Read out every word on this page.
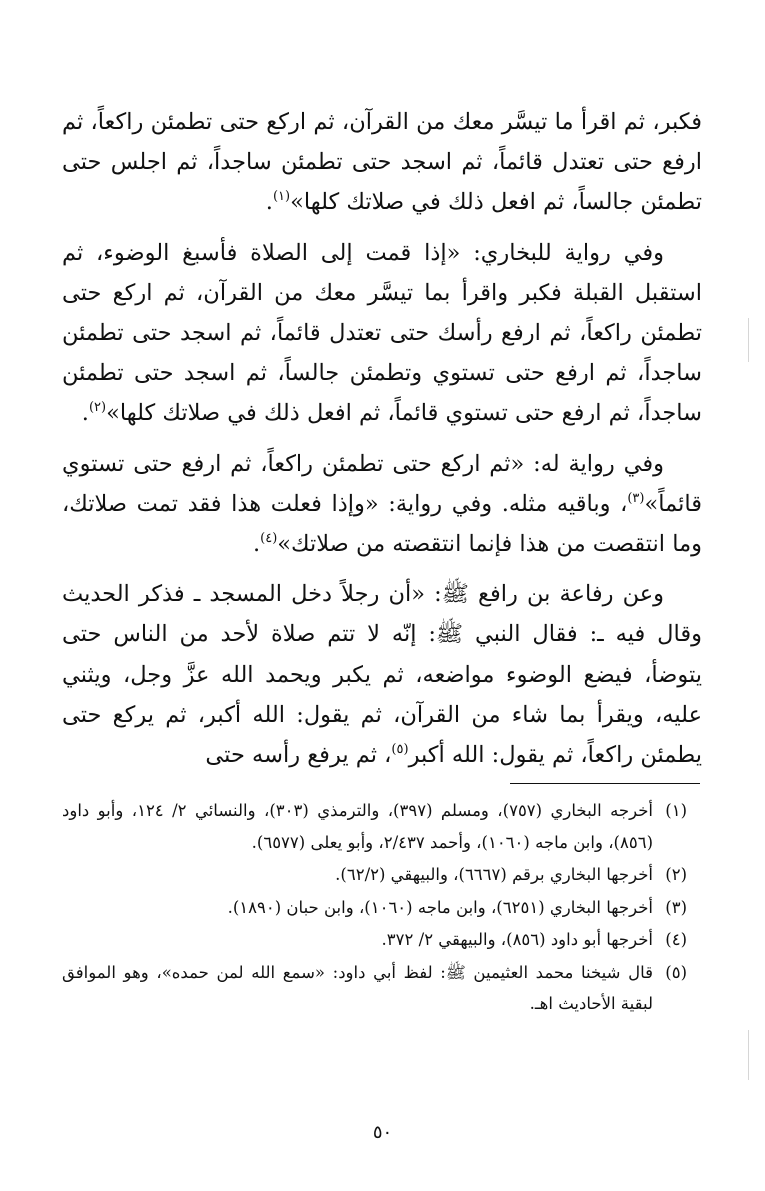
فكبر، ثم اقرأ ما تيسَّر معك من القرآن، ثم اركع حتى تطمئن راكعاً، ثم ارفع حتى تعتدل قائماً، ثم اسجد حتى تطمئن ساجداً، ثم اجلس حتى تطمئن جالساً، ثم افعل ذلك في صلاتك كلها»$^{(١)}$.

وفي رواية للبخاري: «إذا قمت إلى الصلاة فأسبغ الوضوء، ثم استقبل القبلة فكبر واقرأ بما تيسَّر معك من القرآن، ثم اركع حتى تطمئن راكعاً، ثم ارفع رأسك حتى تعتدل قائماً، ثم اسجد حتى تطمئن ساجداً، ثم ارفع حتى تستوي وتطمئن جالساً، ثم اسجد حتى تطمئن ساجداً، ثم ارفع حتى تستوي قائماً، ثم افعل ذلك في صلاتك كلها»$^{(٢)}$.

وفي رواية له: «ثم اركع حتى تطمئن راكعاً، ثم ارفع حتى تستوي قائماً»$^{(٣)}$، وباقيه مثله. وفي رواية: «وإذا فعلت هذا فقد تمت صلاتك، وما انتقصت من هذا فإنما انتقصته من صلاتك»$^{(٤)}$.

وعن رفاعة بن رافع ﷺ: «أن رجلاً دخل المسجد ـ فذكر الحديث وقال فيه ـ: فقال النبي ﷺ: إنّه لا تتم صلاة لأحد من الناس حتى يتوضأ، فيضع الوضوء مواضعه، ثم يكبر ويحمد الله عزَّ وجل، ويثني عليه، ويقرأ بما شاء من القرآن، ثم يقول: الله أكبر، ثم يركع حتى يطمئن راكعاً، ثم يقول: الله أكبر$^{(٥)}$، ثم يرفع رأسه حتى

(١)
أخرجه البخاري (٧٥٧)، ومسلم (٣٩٧)، والترمذي (٣٠٣)، والنسائي ٢/ ١٢٤، وأبو داود (٨٥٦)، وابن ماجه (١٠٦٠)، وأحمد ٢/٤٣٧، وأبو يعلى (٦٥٧٧).
(٢)
أخرجها البخاري برقم (٦٦٦٧)، والبيهقي (٦٢/٢).
(٣)
أخرجها البخاري (٦٢٥١)، وابن ماجه (١٠٦٠)، وابن حبان (١٨٩٠).
(٤)
أخرجها أبو داود (٨٥٦)، والبيهقي ٢/ ٣٧٢.
(٥)
قال شيخنا محمد العثيمين ﷺ: لفظ أبي داود: «سمع الله لمن حمده»، وهو الموافق لبقية الأحاديث اهـ.
٥٠
